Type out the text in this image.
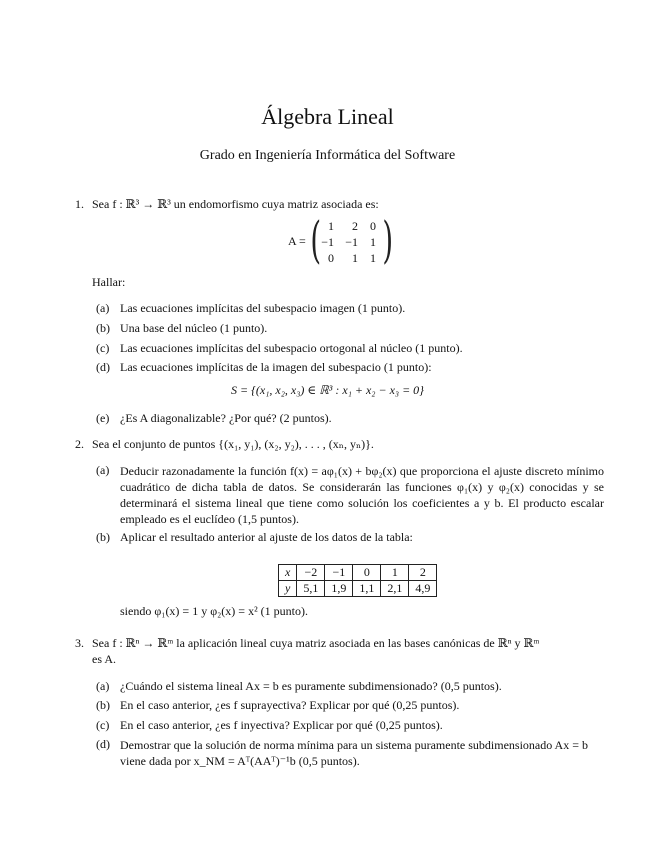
Álgebra Lineal
Grado en Ingeniería Informática del Software
1. Sea f : ℝ³ → ℝ³ un endomorfismo cuya matriz asociada es:
A = ( 1	2	0
−1 −1	1
0	1	1 )
Hallar:
(a) Las ecuaciones implícitas del subespacio imagen (1 punto).
(b) Una base del núcleo (1 punto).
(c) Las ecuaciones implícitas del subespacio ortogonal al núcleo (1 punto).
(d) Las ecuaciones implícitas de la imagen del subespacio (1 punto):
S = {(x₁, x₂, x₃) ∈ ℝ³ : x₁ + x₂ − x₃ = 0}
(e) ¿Es A diagonalizable? ¿Por qué? (2 puntos).
2. Sea el conjunto de puntos {(x₁, y₁), (x₂, y₂), . . . , (xₙ, yₙ)}.
(a) Deducir razonadamente la función f(x) = aφ₁(x) + bφ₂(x) que proporciona el ajuste discreto mínimo cuadrático de dicha tabla de datos. Se considerarán las funciones φ₁(x) y φ₂(x) conocidas y se determinará el sistema lineal que tiene como solución los coeficientes a y b. El producto escalar empleado es el euclídeo (1,5 puntos).
(b) Aplicar el resultado anterior al ajuste de los datos de la tabla:
x	−2	−1	0	1	2
y	5,1	1,9	1,1	2,1	4,9
siendo φ₁(x) = 1 y φ₂(x) = x² (1 punto).
3. Sea f : ℝⁿ → ℝᵐ la aplicación lineal cuya matriz asociada en las bases canónicas de ℝⁿ y ℝᵐ
es A.
(a) ¿Cuándo el sistema lineal Ax = b es puramente subdimensionado? (0,5 puntos).
(b) En el caso anterior, ¿es f suprayectiva? Explicar por qué (0,25 puntos).
(c) En el caso anterior, ¿es f inyectiva? Explicar por qué (0,25 puntos).
(d) Demostrar que la solución de norma mínima para un sistema puramente subdimensionado Ax = b viene dada por x_NM = Aᵀ(AAᵀ)⁻¹b (0,5 puntos).
